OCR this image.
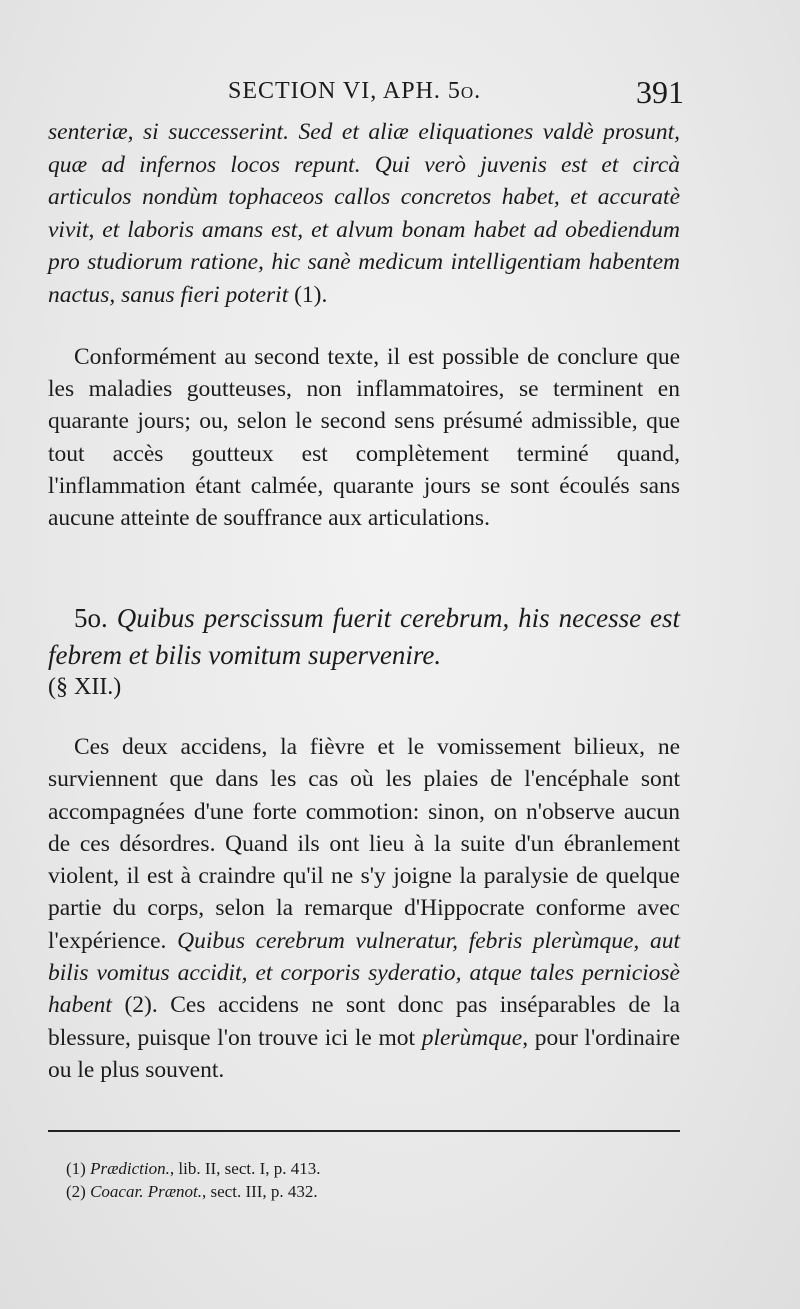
SECTION VI, APH. 5o.	391
senteriæ, si successerint. Sed et aliæ eliquationes valdè prosunt, quæ ad infernos locos repunt. Qui verò juvenis est et circà articulos nondùm tophaceos callos concretos habet, et accuratè vivit, et laboris amans est, et alvum bonam habet ad obediendum pro studiorum ratione, hic sanè medicum intelligentiam habentem nactus, sanus fieri poterit (1).
Conformément au second texte, il est possible de conclure que les maladies goutteuses, non inflammatoires, se terminent en quarante jours; ou, selon le second sens présumé admissible, que tout accès goutteux est complètement terminé quand, l'inflammation étant calmée, quarante jours se sont écoulés sans aucune atteinte de souffrance aux articulations.
5o. Quibus perscissum fuerit cerebrum, his necesse est febrem et bilis vomitum supervenire.
(§ XII.)
Ces deux accidens, la fièvre et le vomissement bilieux, ne surviennent que dans les cas où les plaies de l'encéphale sont accompagnées d'une forte commotion: sinon, on n'observe aucun de ces désordres. Quand ils ont lieu à la suite d'un ébranlement violent, il est à craindre qu'il ne s'y joigne la paralysie de quelque partie du corps, selon la remarque d'Hippocrate conforme avec l'expérience. Quibus cerebrum vulneratur, febris plerùmque, aut bilis vomitus accidit, et corporis syderatio, atque tales perniciosè habent (2). Ces accidens ne sont donc pas inséparables de la blessure, puisque l'on trouve ici le mot plerùmque, pour l'ordinaire ou le plus souvent.
(1) Prædiction., lib. II, sect. I, p. 413.
(2) Coacar. Prænot., sect. III, p. 432.
